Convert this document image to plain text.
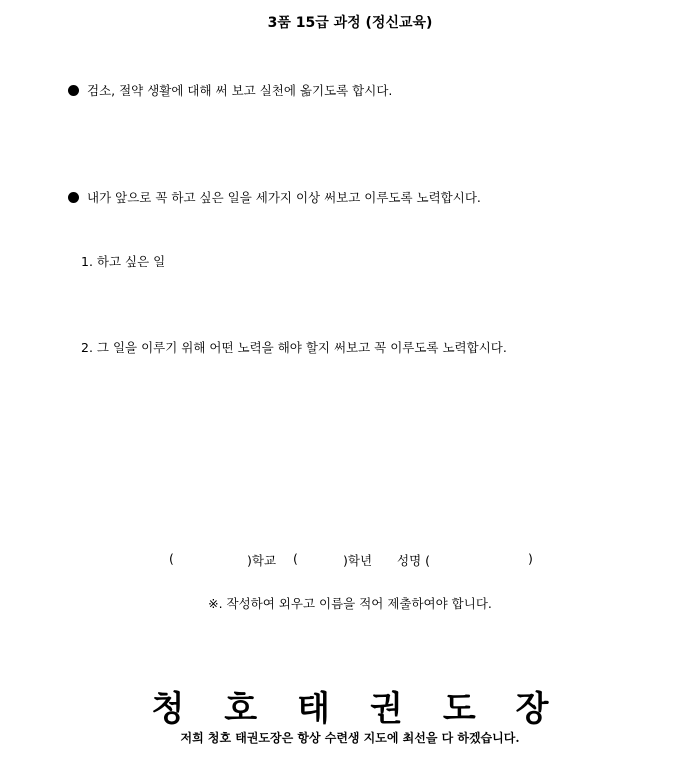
3품 15급 과정 (정신교육)
검소, 절약 생활에 대해 써 보고 실천에 옮기도록 합시다.
내가 앞으로 꼭 하고 싶은 일을 세가지 이상 써보고 이루도록 노력합시다.
1. 하고 싶은 일
2. 그 일을 이루기 위해 어떤 노력을 해야 할지 써보고 꼭 이루도록 노력합시다.
(	)학교 (	)학년 성명 (	)
※. 작성하여 외우고 이름을 적어 제출하여야 합니다.
청호태권도장
저희 청호 태권도장은 항상 수련생 지도에 최선을 다 하겠습니다.
